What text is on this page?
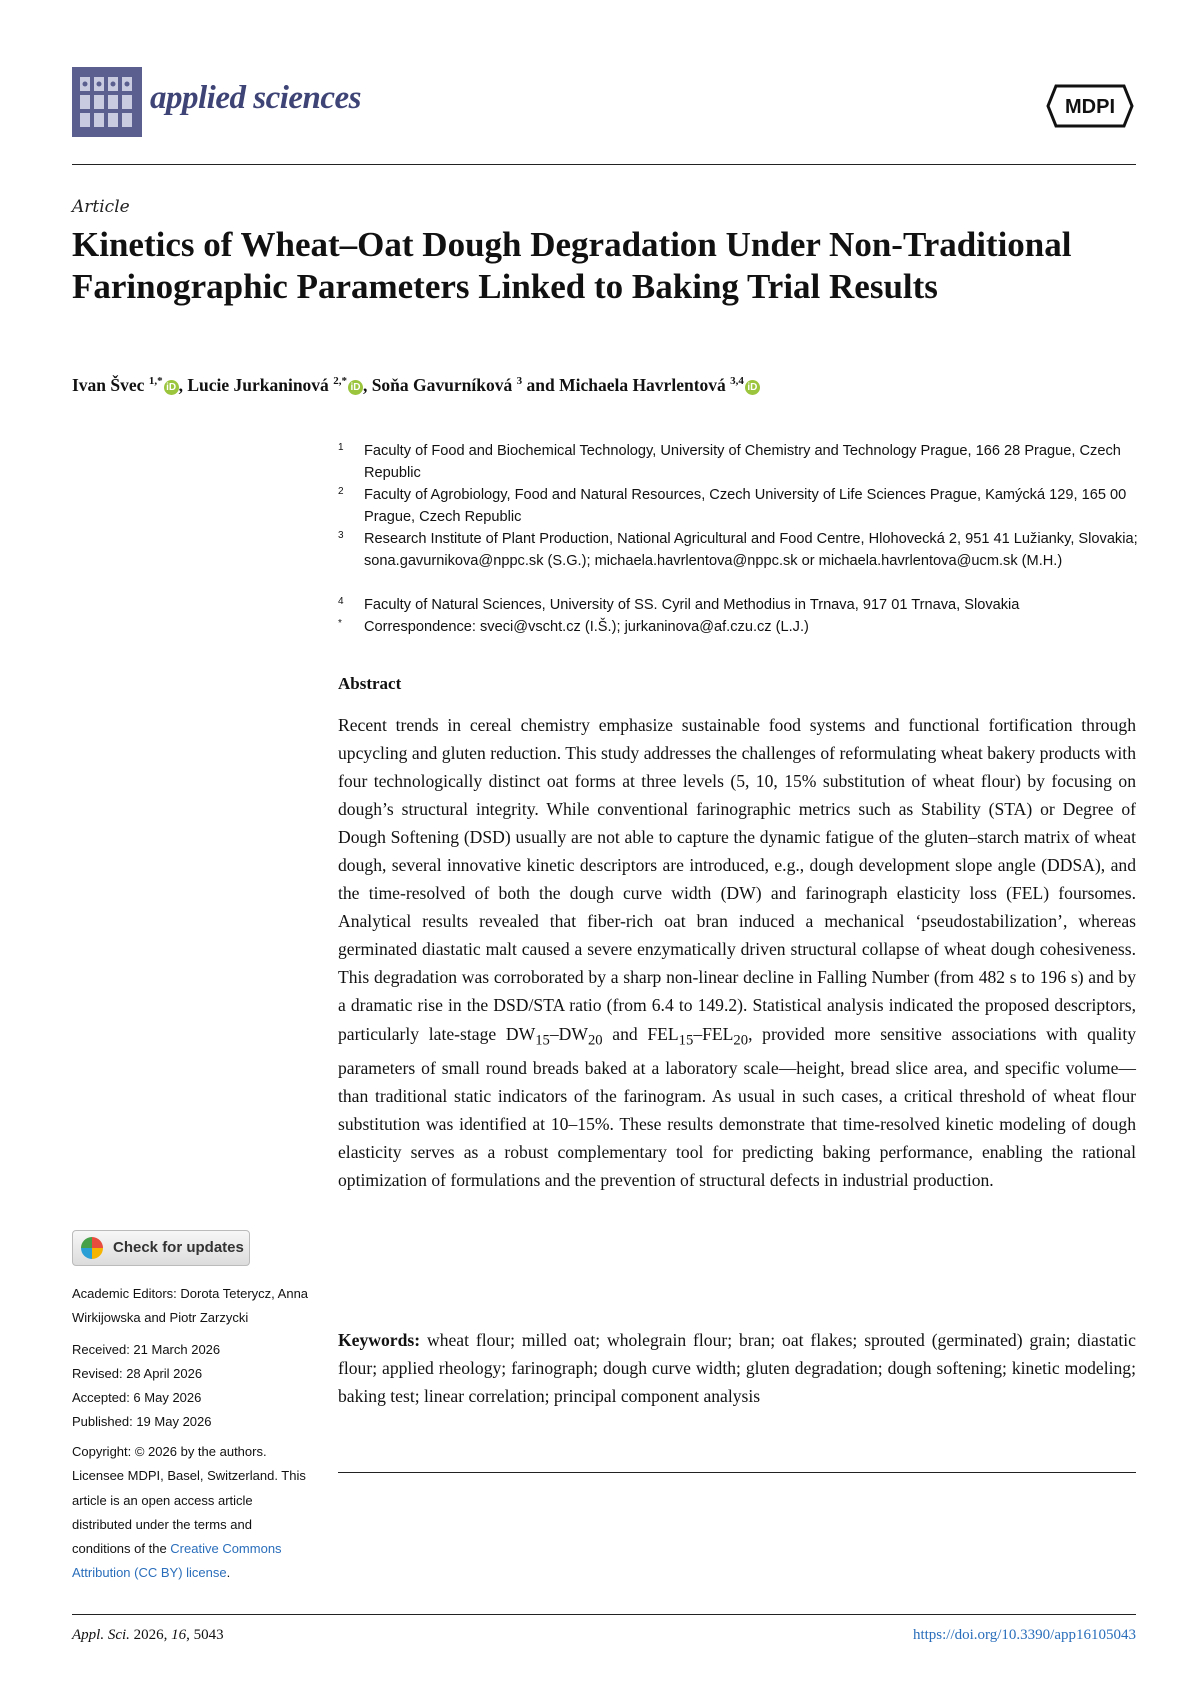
applied sciences	MDPI
Article
Kinetics of Wheat–Oat Dough Degradation Under Non-Traditional Farinographic Parameters Linked to Baking Trial Results
Ivan Švec $^{1,*}$iD , Lucie Jurkaninová $^{2,*}$iD , Soňa Gavurníková $^3$ and Michaela Havrlentová $^{3,4}$iD
1 Faculty of Food and Biochemical Technology, University of Chemistry and Technology Prague, 166 28 Prague, Czech Republic
2 Faculty of Agrobiology, Food and Natural Resources, Czech University of Life Sciences Prague, Kamýcká 129, 165 00 Prague, Czech Republic
3 Research Institute of Plant Production, National Agricultural and Food Centre, Hlohovecká 2, 951 41 Lužianky, Slovakia; sona.gavurnikova@nppc.sk (S.G.); michaela.havrlentova@nppc.sk or michaela.havrlentova@ucm.sk (M.H.)
4 Faculty of Natural Sciences, University of SS. Cyril and Methodius in Trnava, 917 01 Trnava, Slovakia
* Correspondence: sveci@vscht.cz (I.Š.); jurkaninova@af.czu.cz (L.J.)
Abstract

Recent trends in cereal chemistry emphasize sustainable food systems and functional fortification through upcycling and gluten reduction. This study addresses the challenges of reformulating wheat bakery products with four technologically distinct oat forms at three levels (5, 10, 15% substitution of wheat flour) by focusing on dough’s structural integrity. While conventional farinographic metrics such as Stability (STA) or Degree of Dough Softening (DSD) usually are not able to capture the dynamic fatigue of the gluten–starch matrix of wheat dough, several innovative kinetic descriptors are introduced, e.g., dough development slope angle (DDSA), and the time-resolved of both the dough curve width (DW) and farinograph elasticity loss (FEL) foursomes. Analytical results revealed that fiber-rich oat bran induced a mechanical ‘pseudostabilization’, whereas germinated diastatic malt caused a severe enzymatically driven structural collapse of wheat dough cohesiveness. This degradation was corroborated by a sharp non-linear decline in Falling Number (from 482 s to 196 s) and by a dramatic rise in the DSD/STA ratio (from 6.4 to 149.2). Statistical analysis indicated the proposed descriptors, particularly late-stage $DW_{15}-DW_{20}$ and $FEL_{15}-FEL_{20}$, provided more sensitive associations with quality parameters of small round breads baked at a laboratory scale—height, bread slice area, and specific volume—than traditional static indicators of the farinogram. As usual in such cases, a critical threshold of wheat flour substitution was identified at 10–15%. These results demonstrate that time-resolved kinetic modeling of dough elasticity serves as a robust complementary tool for predicting baking performance, enabling the rational optimization of formulations and the prevention of structural defects in industrial production.

Keywords: wheat flour; milled oat; wholegrain flour; bran; oat flakes; sprouted (germinated) grain; diastatic flour; applied rheology; farinograph; dough curve width; gluten degradation; dough softening; kinetic modeling; baking test; linear correlation; principal component analysis

Check for updates
Academic Editors: Dorota Teterycz, Anna Wirkijowska and Piotr Zarzycki
Received: 21 March 2026
Revised: 28 April 2026
Accepted: 6 May 2026
Published: 19 May 2026
Copyright: © 2026 by the authors. Licensee MDPI, Basel, Switzerland. This article is an open access article distributed under the terms and conditions of the Creative Commons Attribution (CC BY) license.
Appl. Sci. 2026, 16, 5043	https://doi.org/10.3390/app16105043
